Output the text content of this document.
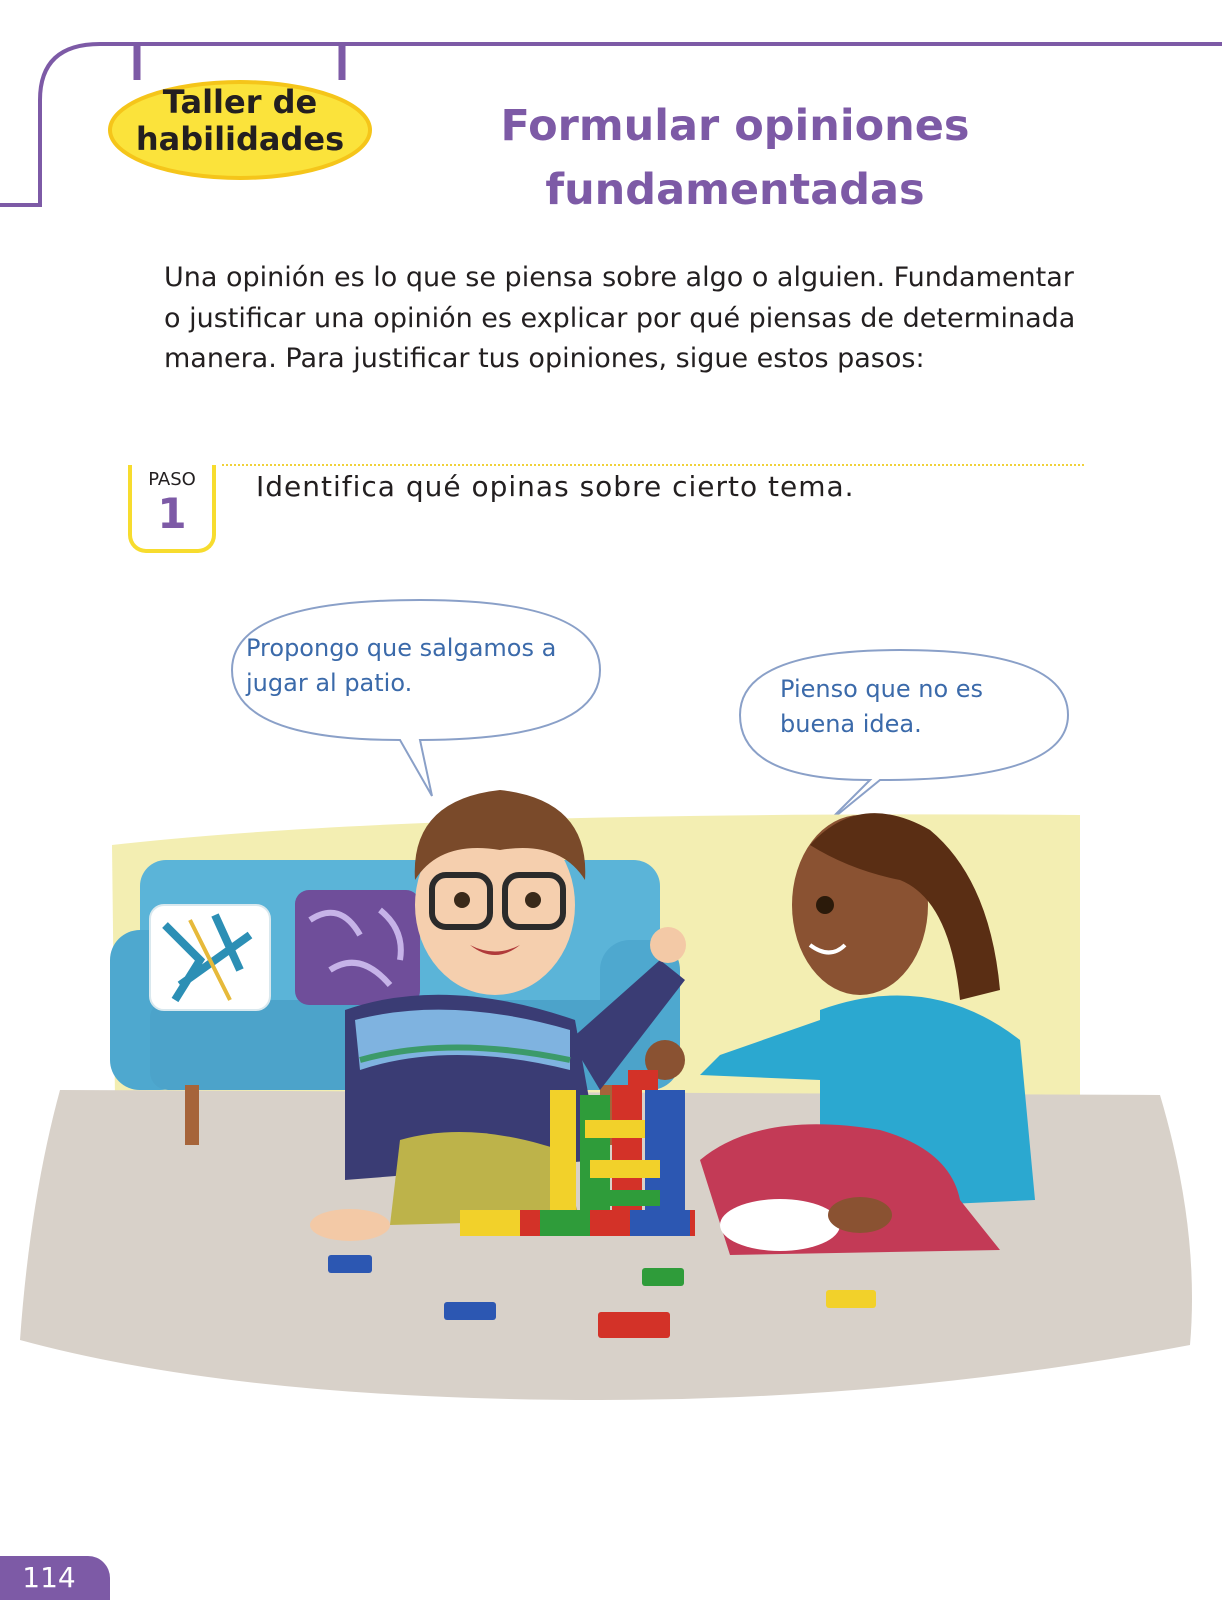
Taller de habilidades	Formular opiniones fundamentadas
Una opinión es lo que se piensa sobre algo o alguien. Fundamentar o justificar una opinión es explicar por qué piensas de determinada manera. Para justificar tus opiniones, sigue estos pasos:
PASO
1
Identifica qué opinas sobre cierto tema.
Propongo que salgamos a jugar al patio.	Pienso que no es buena idea.
114
